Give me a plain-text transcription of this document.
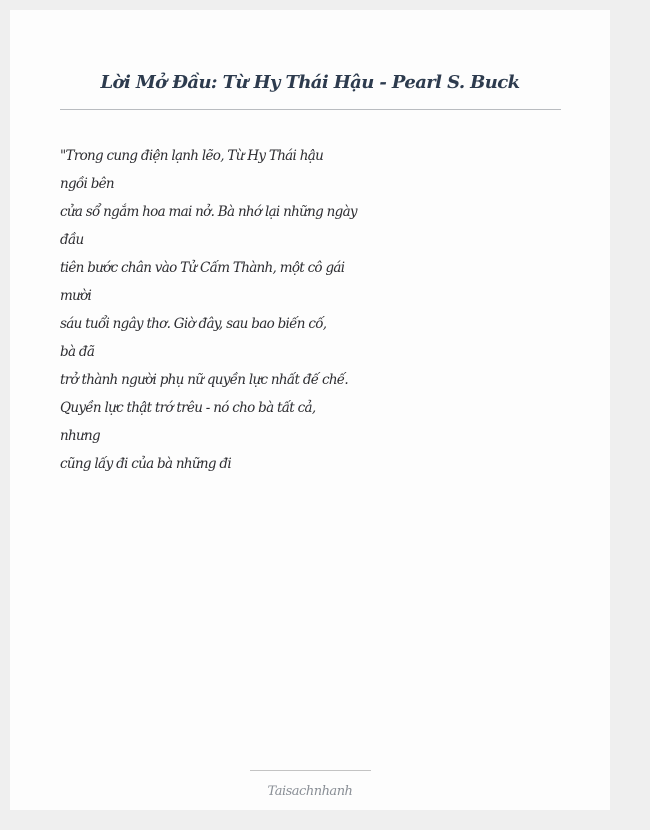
Lời Mở Đầu: Từ Hy Thái Hậu - Pearl S. Buck
"Trong cung điện lạnh lẽo, Từ Hy Thái hậu
ngồi bên
cửa sổ ngắm hoa mai nở. Bà nhớ lại những ngày
đầu
tiên bước chân vào Tử Cấm Thành, một cô gái
mười
sáu tuổi ngây thơ. Giờ đây, sau bao biến cố,
bà đã
trở thành người phụ nữ quyền lực nhất đế chế.
Quyền lực thật trớ trêu - nó cho bà tất cả,
nhưng
cũng lấy đi của bà những đi
Taisachnhanh
